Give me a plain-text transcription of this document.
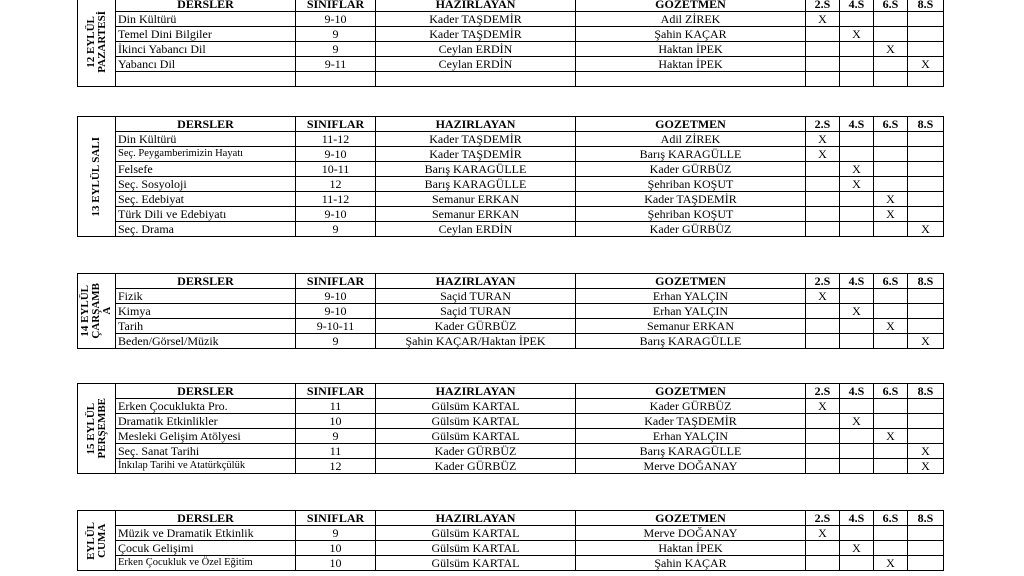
12 EYLÜL
PAZARTESİ	DERSLER	SINIFLAR	HAZIRLAYAN	GOZETMEN	2.S	4.S	6.S	8.S
	Din Kültürü	9-10	Kader TAŞDEMİR	Adil ZİREK	X			
	Temel Dini Bilgiler	9	Kader TAŞDEMİR	Şahin KAÇAR		X		
	İkinci Yabancı Dil	9	Ceylan ERDİN	Haktan İPEK			X	
	Yabancı Dil	9-11	Ceylan ERDİN	Haktan İPEK				X

13 EYLÜL SALI	DERSLER	SINIFLAR	HAZIRLAYAN	GOZETMEN	2.S	4.S	6.S	8.S
	Din Kültürü	11-12	Kader TAŞDEMİR	Adil ZİREK	X			
	Seç. Peygamberimizin Hayatı	9-10	Kader TAŞDEMİR	Barış KARAGÜLLE	X			
	Felsefe	10-11	Barış KARAGÜLLE	Kader GÜRBÜZ		X		
	Seç. Sosyoloji	12	Barış KARAGÜLLE	Şehriban KOŞUT		X		
	Seç. Edebiyat	11-12	Semanur ERKAN	Kader TAŞDEMİR			X	
	Türk Dili ve Edebiyatı	9-10	Semanur ERKAN	Şehriban KOŞUT			X	
	Seç. Drama	9	Ceylan ERDİN	Kader GÜRBÜZ				X
14 EYLÜL
ÇARŞAMB
A	DERSLER	SINIFLAR	HAZIRLAYAN	GOZETMEN	2.S	4.S	6.S	8.S
	Fizik	9-10	Saçid TURAN	Erhan YALÇIN	X			
	Kimya	9-10	Saçid TURAN	Erhan YALÇIN		X		
	Tarih	9-10-11	Kader GÜRBÜZ	Semanur ERKAN			X	
	Beden/Görsel/Müzik	9	Şahin KAÇAR/Haktan İPEK	Barış KARAGÜLLE				X
15 EYLÜL
PERŞEMBE	DERSLER	SINIFLAR	HAZIRLAYAN	GOZETMEN	2.S	4.S	6.S	8.S
	Erken Çocuklukta Pro.	11	Gülsüm KARTAL	Kader GÜRBÜZ	X			
	Dramatik Etkinlikler	10	Gülsüm KARTAL	Kader TAŞDEMİR		X		
	Mesleki Gelişim Atölyesi	9	Gülsüm KARTAL	Erhan YALÇIN			X	
	Seç. Sanat Tarihi	11	Kader GÜRBÜZ	Barış KARAGÜLLE				X
	İnkılap Tarihi ve Atatürkçülük	12	Kader GÜRBÜZ	Merve DOĞANAY				X
EYLÜL
CUMA	DERSLER	SINIFLAR	HAZIRLAYAN	GOZETMEN	2.S	4.S	6.S	8.S
	Müzik ve Dramatik Etkinlik	9	Gülsüm KARTAL	Merve DOĞANAY	X			
	Çocuk Gelişimi	10	Gülsüm KARTAL	Haktan İPEK		X		
	Erken Çocukluk ve Özel Eğitim	10	Gülsüm KARTAL	Şahin KAÇAR			X	
